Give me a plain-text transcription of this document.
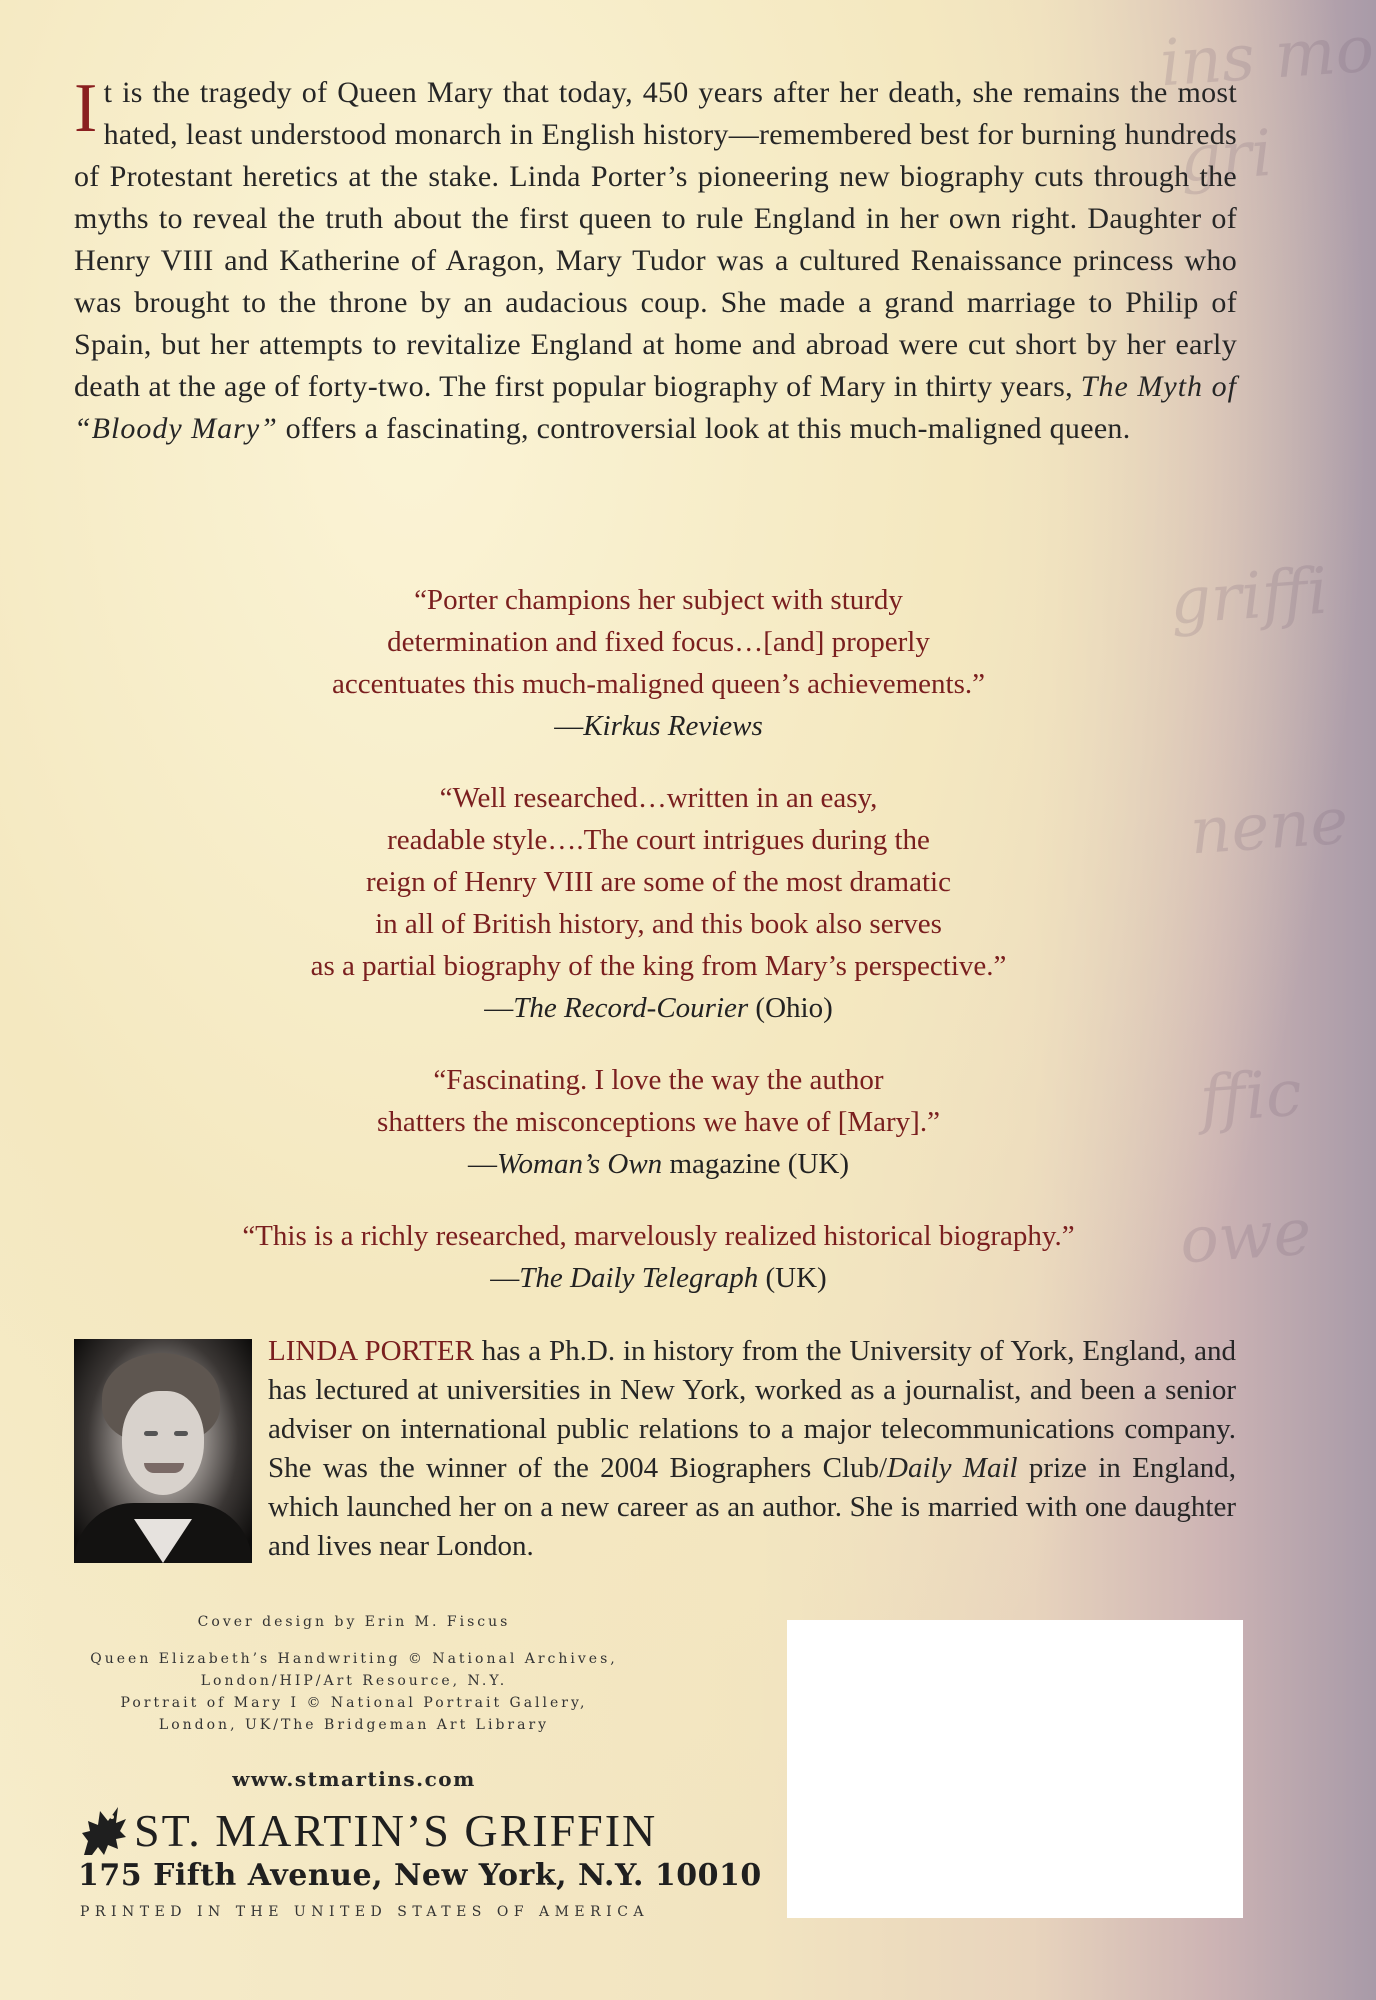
ins mo
gri
griffi
nene
ffic
owe

It is the tragedy of Queen Mary that today, 450 years after her death, she remains the most hated, least understood monarch in English history—remembered best for burning hundreds of Protestant heretics at the stake. Linda Porter’s pioneering new biography cuts through the myths to reveal the truth about the first queen to rule England in her own right. Daughter of Henry VIII and Katherine of Aragon, Mary Tudor was a cultured Renaissance princess who was brought to the throne by an audacious coup. She made a grand marriage to Philip of Spain, but her attempts to revitalize England at home and abroad were cut short by her early death at the age of forty-two. The first popular biography of Mary in thirty years, The Myth of “Bloody Mary” offers a fascinating, controversial look at this much-maligned queen.

“Porter champions her subject with sturdy
determination and fixed focus…[and] properly
accentuates this much-maligned queen’s achievements.”
—Kirkus Reviews
“Well researched…written in an easy,
readable style….The court intrigues during the
reign of Henry VIII are some of the most dramatic
in all of British history, and this book also serves
as a partial biography of the king from Mary’s perspective.”
—The Record-Courier (Ohio)
“Fascinating. I love the way the author
shatters the misconceptions we have of [Mary].”
—Woman’s Own magazine (UK)
“This is a richly researched, marvelously realized historical biography.”
—The Daily Telegraph (UK)

LINDA PORTER has a Ph.D. in history from the University of York, England, and has lectured at universities in New York, worked as a journalist, and been a senior adviser on international public relations to a major telecommunications company. She was the winner of the 2004 Biographers Club/Daily Mail prize in England, which launched her on a new career as an author. She is married with one daughter and lives near London.

Cover design by Erin M. Fiscus
Queen Elizabeth’s Handwriting © National Archives,
London/HIP/Art Resource, N.Y.
Portrait of Mary I © National Portrait Gallery,
London, UK/The Bridgeman Art Library
www.stmartins.com
ST. MARTIN’S GRIFFIN
175 Fifth Avenue, New York, N.Y. 10010
PRINTED IN THE UNITED STATES OF AMERICA
